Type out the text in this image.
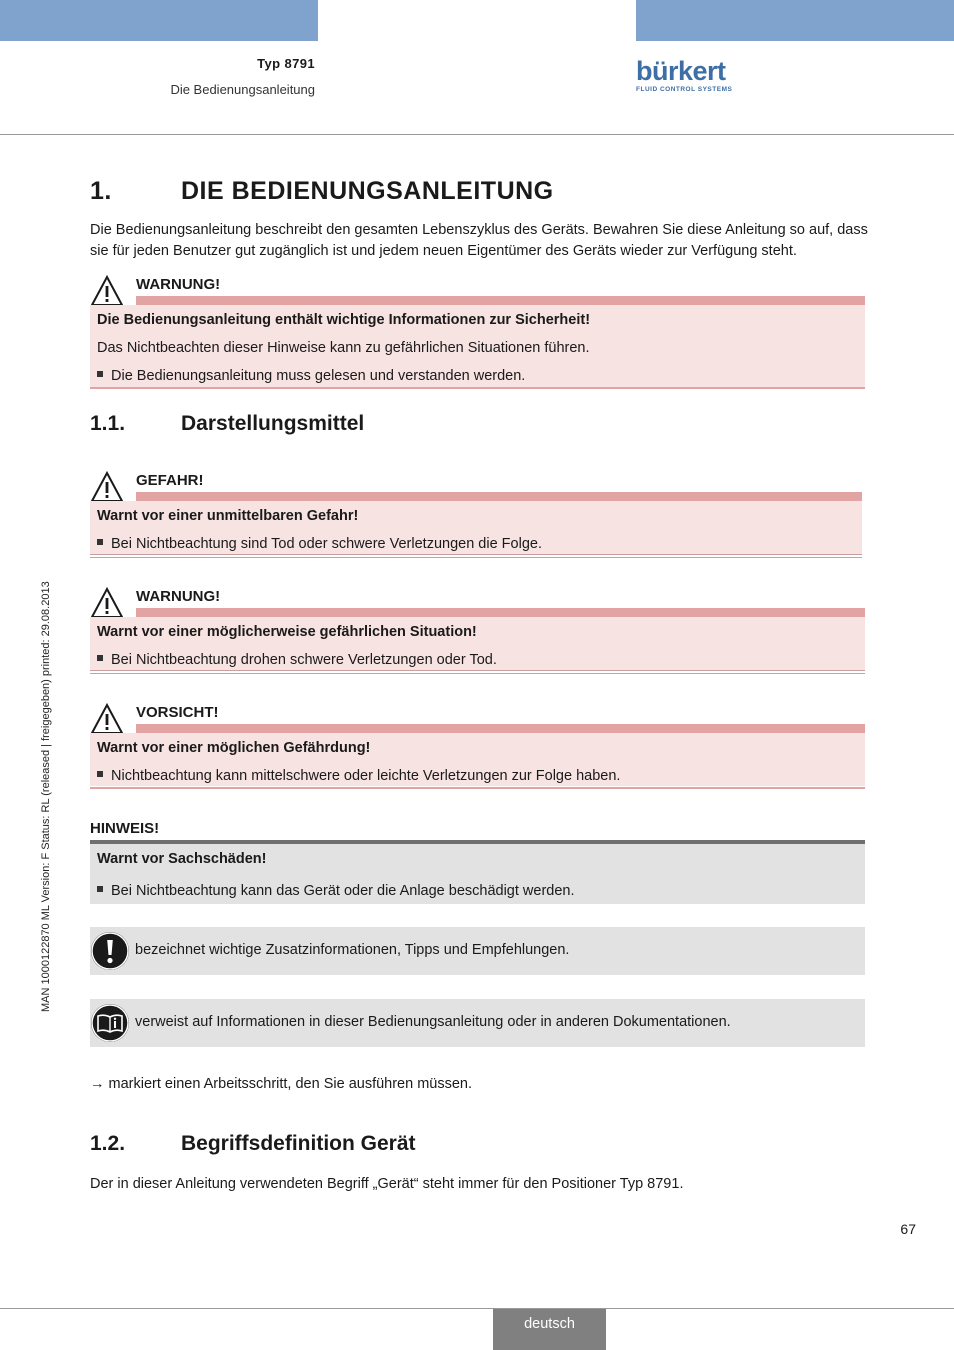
Typ 8791
Die Bedienungsanleitung
bürkert
FLUID CONTROL SYSTEMS
MAN 1000122870 ML Version: F Status: RL (released | freigegeben) printed: 29.08.2013
1.	DIE BEDIENUNGSANLEITUNG
Die Bedienungsanleitung beschreibt den gesamten Lebenszyklus des Geräts. Bewahren Sie diese Anleitung so auf, dass sie für jeden Benutzer gut zugänglich ist und jedem neuen Eigentümer des Geräts wieder zur Verfügung steht.
WARNUNG!
Die Bedienungsanleitung enthält wichtige Informationen zur Sicherheit!
Das Nichtbeachten dieser Hinweise kann zu gefährlichen Situationen führen.
Die Bedienungsanleitung muss gelesen und verstanden werden.
1.1.	Darstellungsmittel
GEFAHR!
Warnt vor einer unmittelbaren Gefahr!
Bei Nichtbeachtung sind Tod oder schwere Verletzungen die Folge.
WARNUNG!
Warnt vor einer möglicherweise gefährlichen Situation!
Bei Nichtbeachtung drohen schwere Verletzungen oder Tod.
VORSICHT!
Warnt vor einer möglichen Gefährdung!
Nichtbeachtung kann mittelschwere oder leichte Verletzungen zur Folge haben.
HINWEIS!
Warnt vor Sachschäden!
Bei Nichtbeachtung kann das Gerät oder die Anlage beschädigt werden.
bezeichnet wichtige Zusatzinformationen, Tipps und Empfehlungen.
verweist auf Informationen in dieser Bedienungsanleitung oder in anderen Dokumentationen.
→ markiert einen Arbeitsschritt, den Sie ausführen müssen.
1.2.	Begriffsdefinition Gerät
Der in dieser Anleitung verwendeten Begriff „Gerät“ steht immer für den Positioner Typ 8791.
67
deutsch
